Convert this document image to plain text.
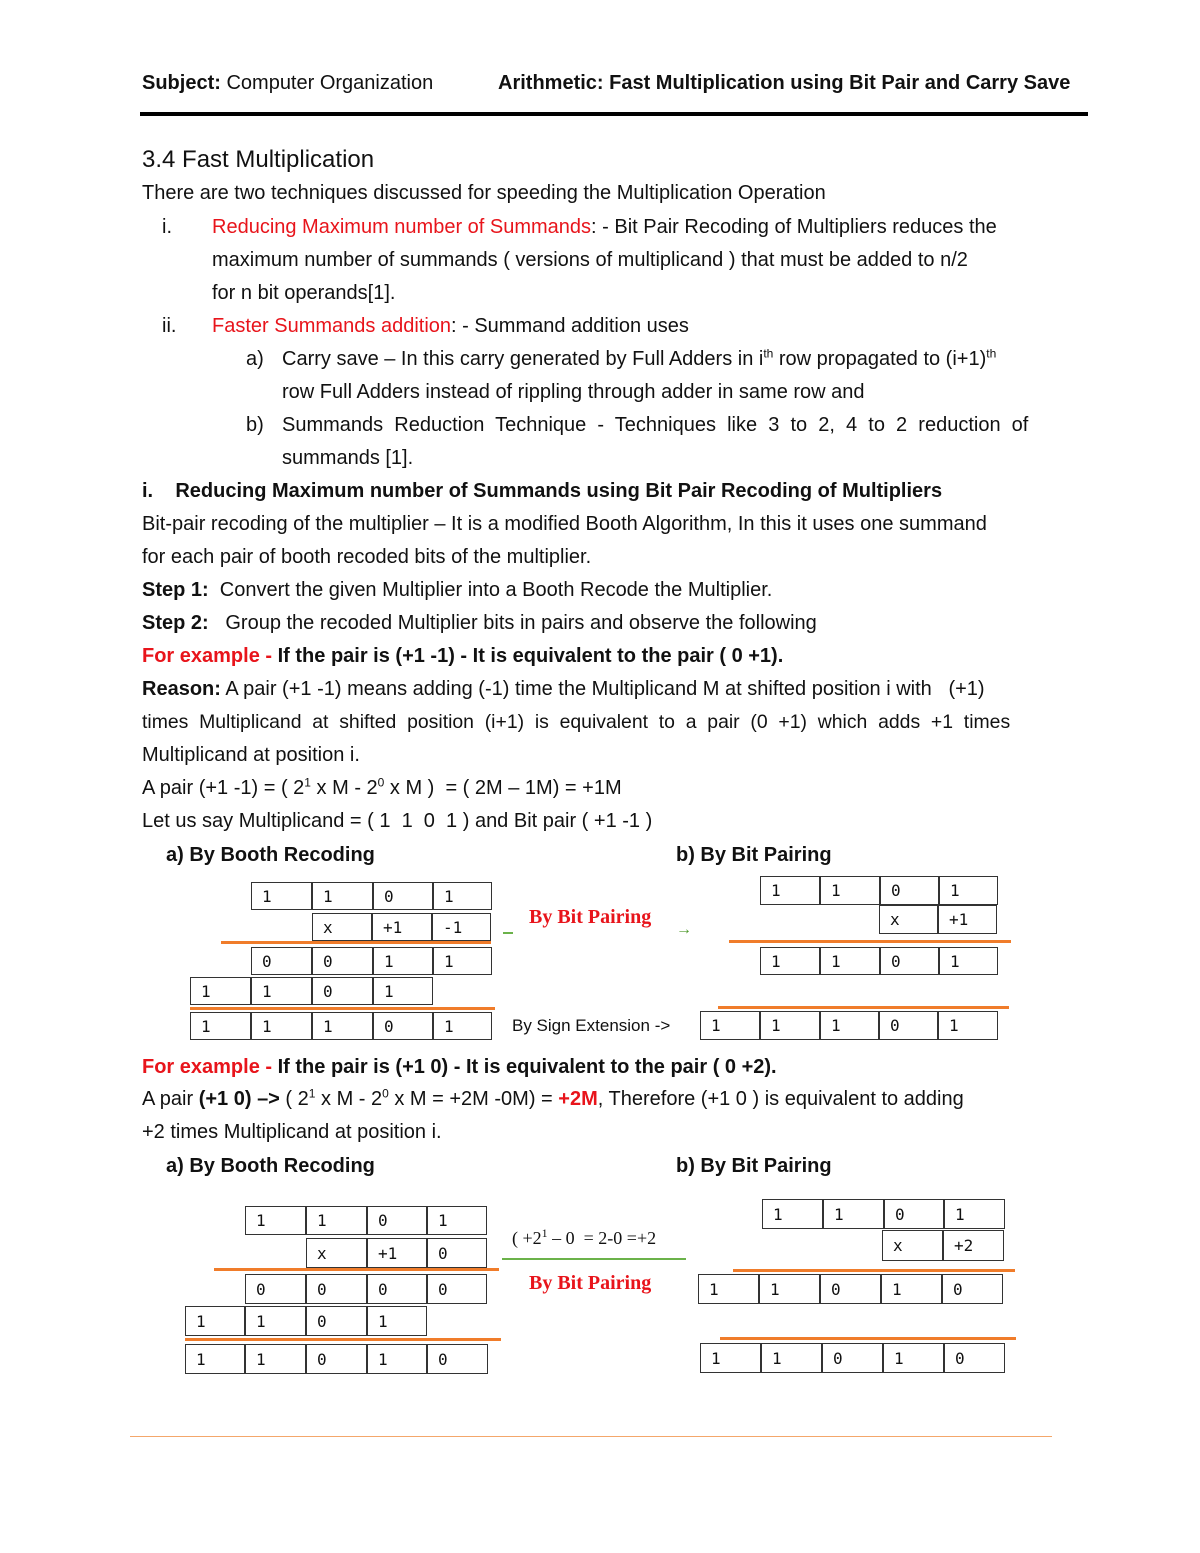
Subject: Computer Organization	Arithmetic: Fast Multiplication using Bit Pair and Carry Save
3.4 Fast Multiplication
There are two techniques discussed for speeding the Multiplication Operation
i. Reducing Maximum number of Summands: - Bit Pair Recoding of Multipliers reduces the
maximum number of summands ( versions of multiplicand ) that must be added to n/2
for n bit operands[1].
ii. Faster Summands addition: - Summand addition uses
a) Carry save – In this carry generated by Full Adders in $i^{th}$ row propagated to $(i+1)^{th}$
row Full Adders instead of rippling through adder in same row and
b) Summands  Reduction  Technique  -  Techniques  like  3  to  2,  4  to  2  reduction  of
summands [1].
i.    Reducing Maximum number of Summands using Bit Pair Recoding of Multipliers
Bit-pair recoding of the multiplier – It is a modified Booth Algorithm, In this it uses one summand
for each pair of booth recoded bits of the multiplier.
Step 1:  Convert the given Multiplier into a Booth Recode the Multiplier.
Step 2:   Group the recoded Multiplier bits in pairs and observe the following
For example - If the pair is (+1 -1) - It is equivalent to the pair ( 0 +1).
Reason: A pair (+1 -1) means adding (-1) time the Multiplicand M at shifted position i with   (+1)
times  Multiplicand  at  shifted  position  (i+1)  is  equivalent  to  a  pair  (0  +1)  which  adds  +1  times
Multiplicand at position i.
A pair (+1 -1) = ( $2^1$ x M - $2^0$ x M )  = ( 2M – 1M) = +1M
Let us say Multiplicand = ( 1  1  0  1 ) and Bit pair ( +1 -1 )
a) By Booth Recoding	b) By Bit Pairing
1	1	0	1
x	+1	-1
0	0	1	1
1	1	0	1
1	1	1	0	1
By Bit Pairing
→
By Sign Extension ->
1	1	0	1
x	+1
1	1	0	1
1	1	1	0	1
For example - If the pair is (+1 0) - It is equivalent to the pair ( 0 +2).
A pair (+1 0) –> ( $2^1$ x M - $2^0$ x M = +2M -0M) = +2M, Therefore (+1 0 ) is equivalent to adding
+2 times Multiplicand at position i.
a) By Booth Recoding	b) By Bit Pairing
1	1	0	1
x	+1	0
0	0	0	0
1	1	0	1
1	1	0	1	0
( $+2^1 - 0 = 2-0 =+2$
By Bit Pairing
1	1	0	1
x	+2
1	1	0	1	0
1	1	0	1	0
